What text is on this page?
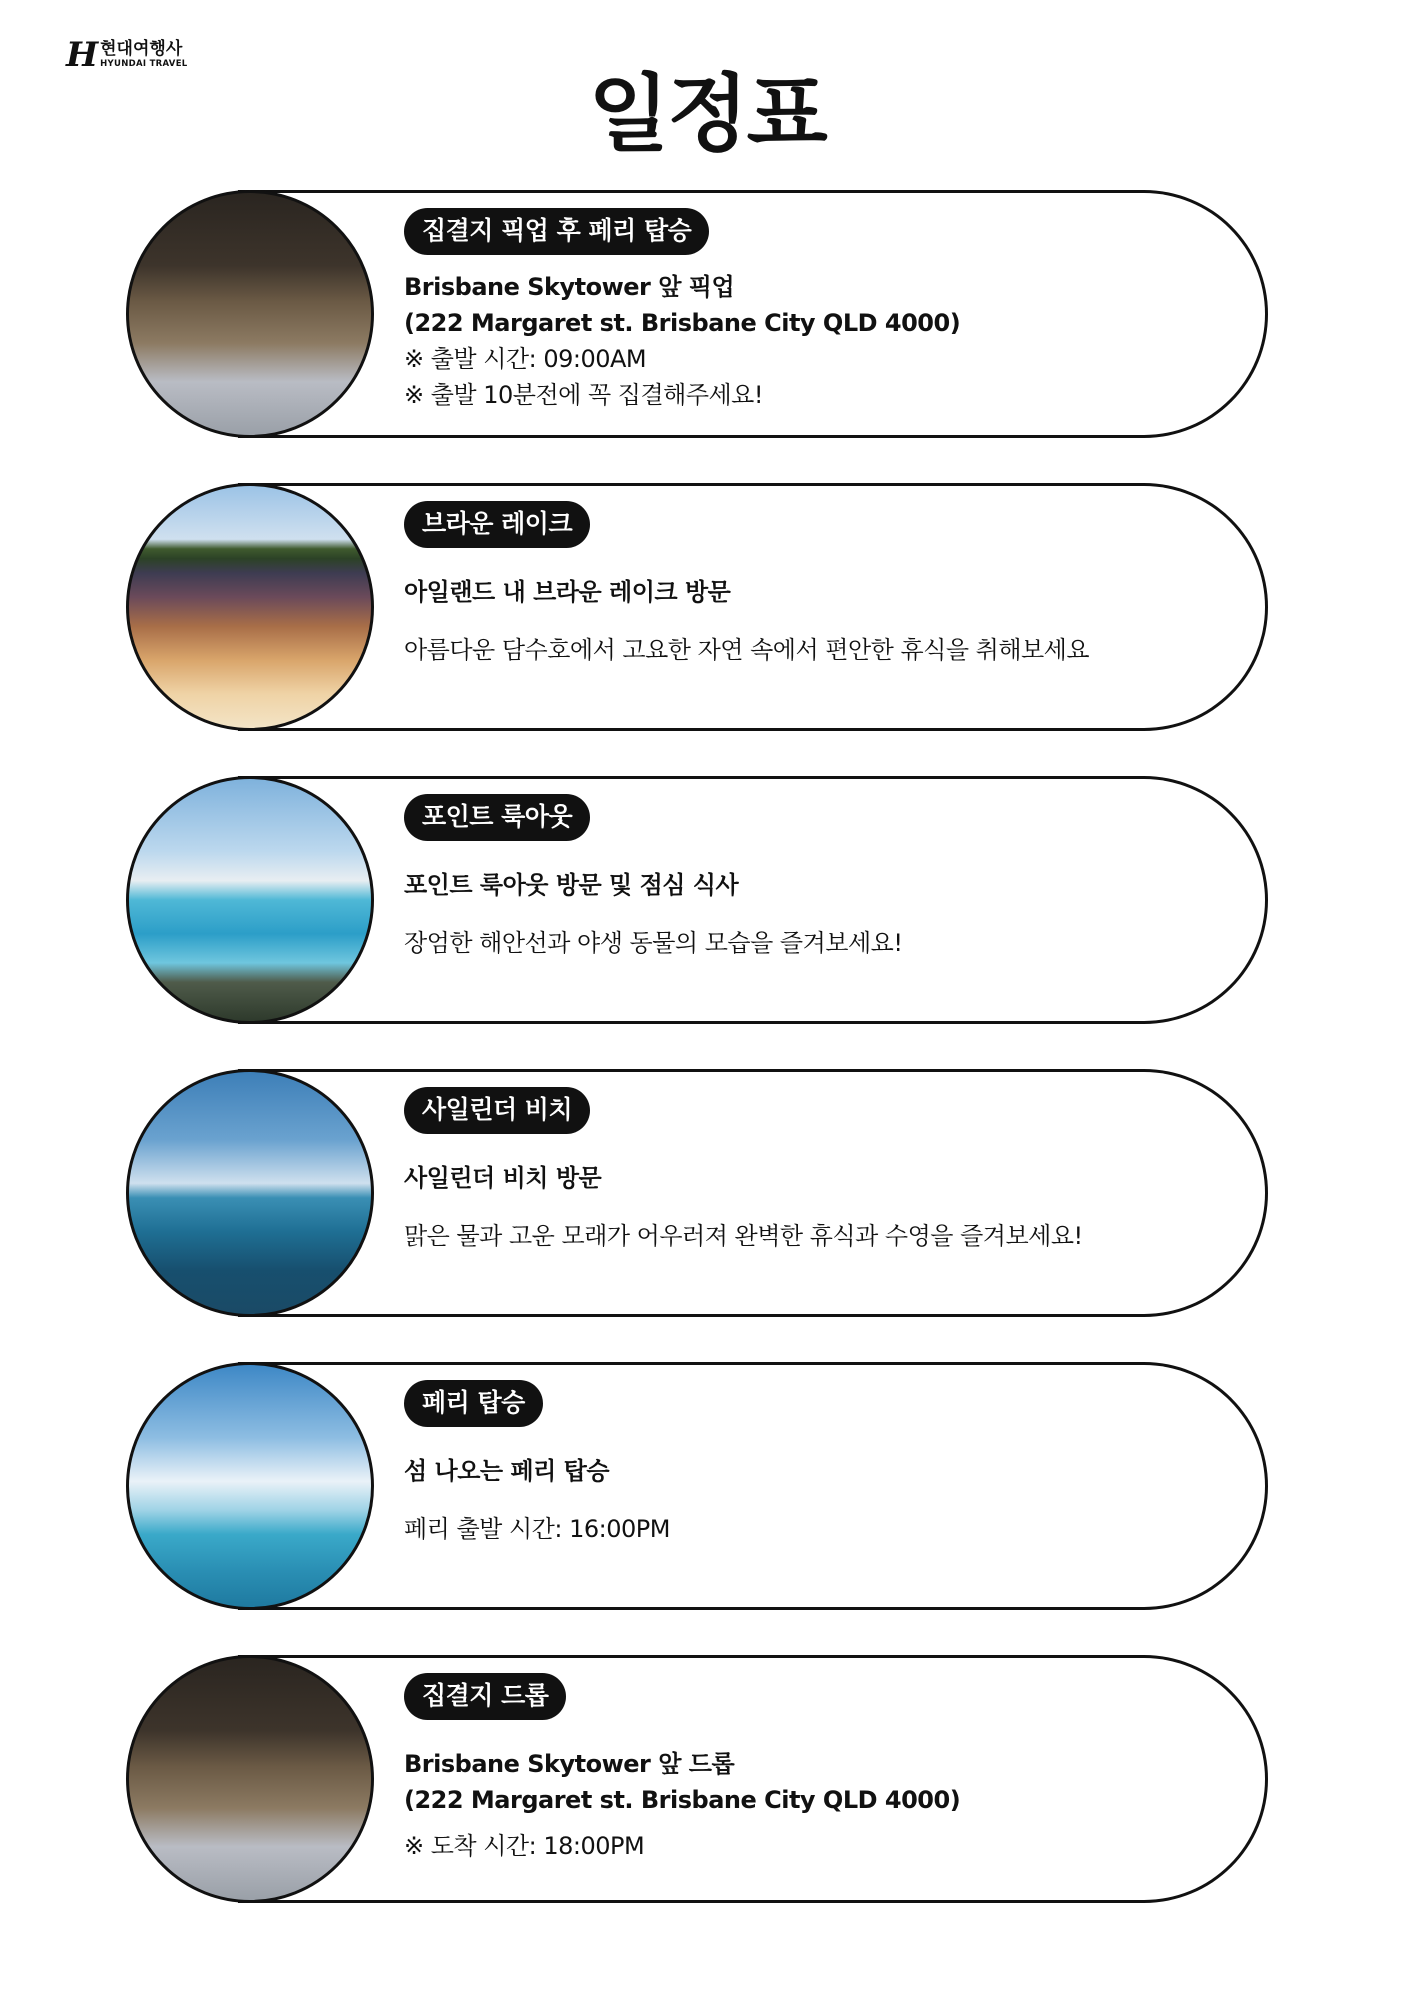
H 현대여행사
HYUNDAI TRAVEL
일정표
집결지 픽업 후 페리 탑승
Brisbane Skytower 앞 픽업
(222 Margaret st. Brisbane City QLD 4000)
※ 출발 시간: 09:00AM
※ 출발 10분전에 꼭 집결해주세요!
브라운 레이크
아일랜드 내 브라운 레이크 방문
아름다운 담수호에서 고요한 자연 속에서 편안한 휴식을 취해보세요
포인트 룩아웃
포인트 룩아웃 방문 및 점심 식사
장엄한 해안선과 야생 동물의 모습을 즐겨보세요!
사일린더 비치
사일린더 비치 방문
맑은 물과 고운 모래가 어우러져 완벽한 휴식과 수영을 즐겨보세요!
페리 탑승
섬 나오는 페리 탑승
페리 출발 시간: 16:00PM
집결지 드롭
Brisbane Skytower 앞 드롭
(222 Margaret st. Brisbane City QLD 4000)
※ 도착 시간: 18:00PM
